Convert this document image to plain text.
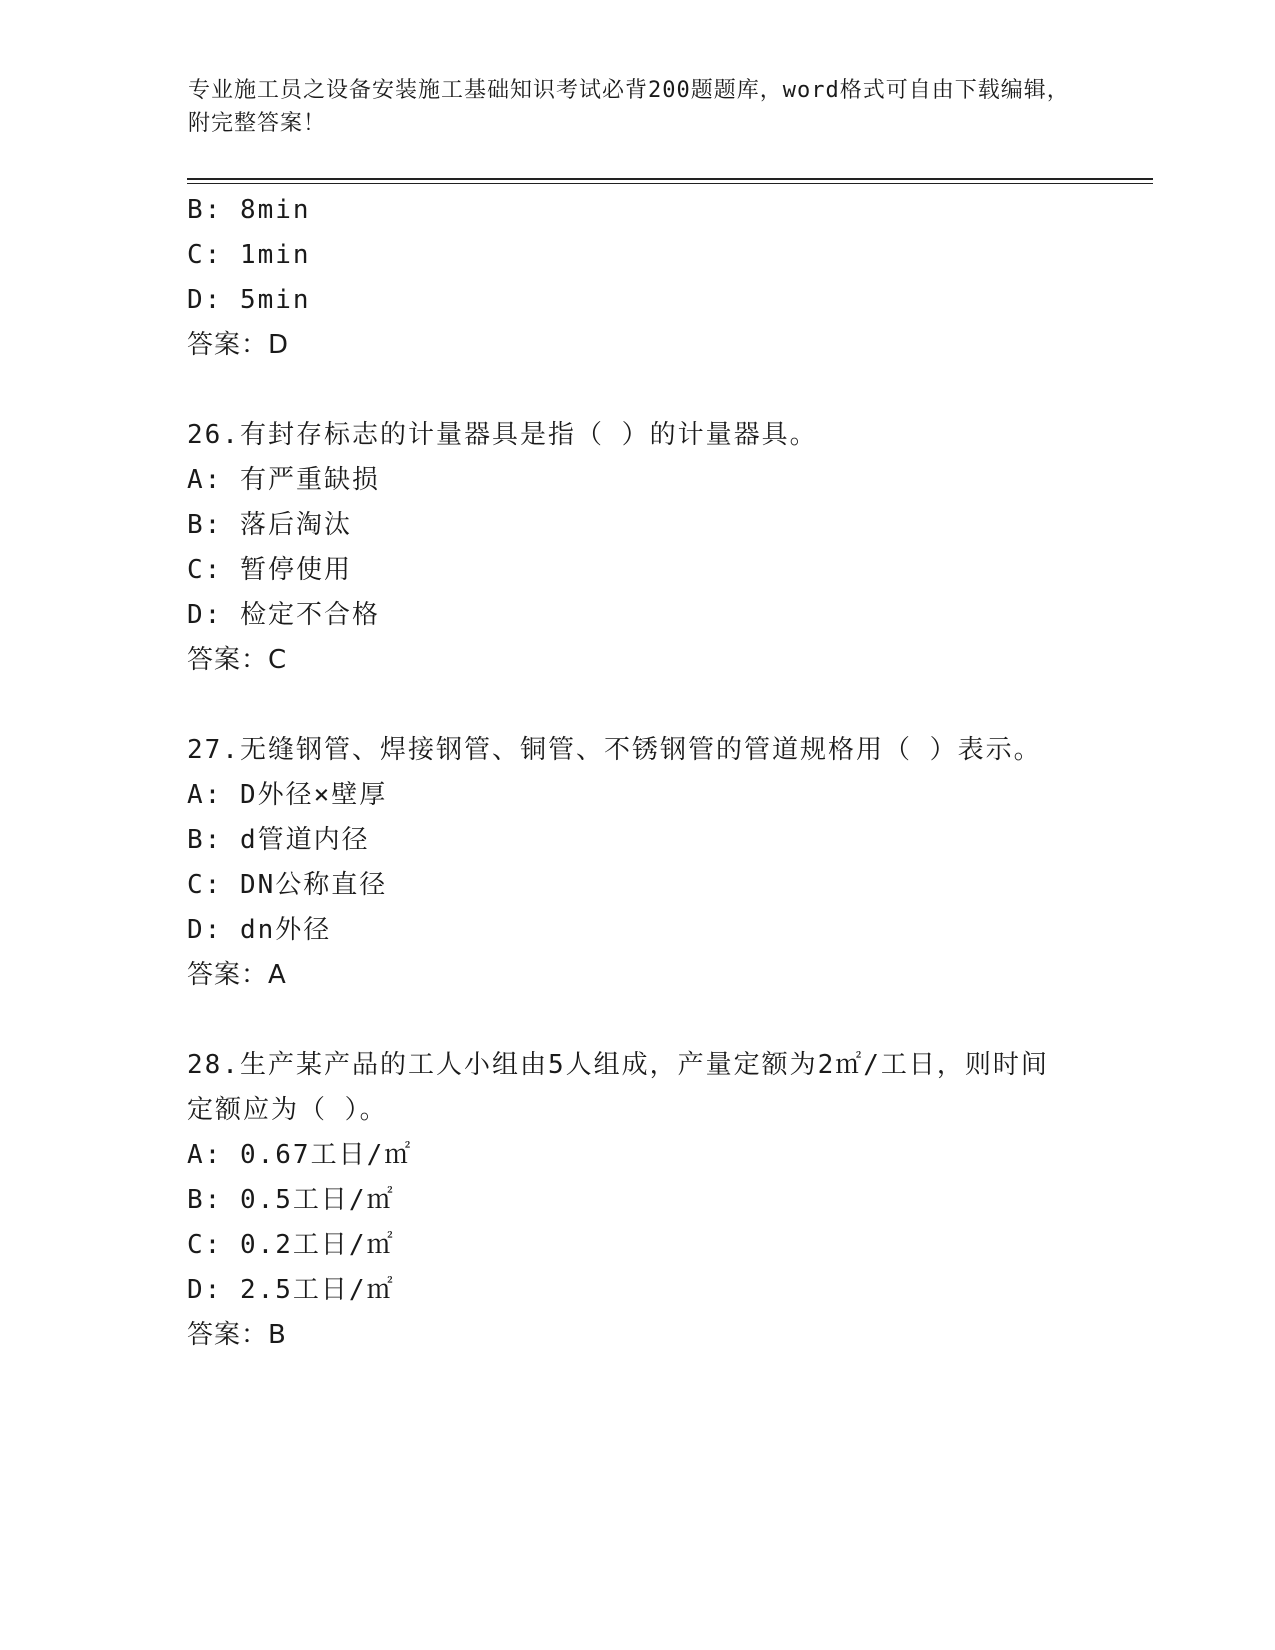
专业施工员之设备安装施工基础知识考试必背200题题库，word格式可自由下载编辑，附完整答案！
B: 8min
C: 1min
D: 5min
答案：D
26.有封存标志的计量器具是指（ ）的计量器具。
A: 有严重缺损
B: 落后淘汰
C: 暂停使用
D: 检定不合格
答案：C
27.无缝钢管、焊接钢管、铜管、不锈钢管的管道规格用（ ）表示。
A: D外径×壁厚
B: d管道内径
C: DN公称直径
D: dn外径
答案：A
28.生产某产品的工人小组由5人组成，产量定额为2㎡/工日，则时间
定额应为（ ）。
A: 0.67工日/㎡
B: 0.5工日/㎡
C: 0.2工日/㎡
D: 2.5工日/㎡
答案：B
